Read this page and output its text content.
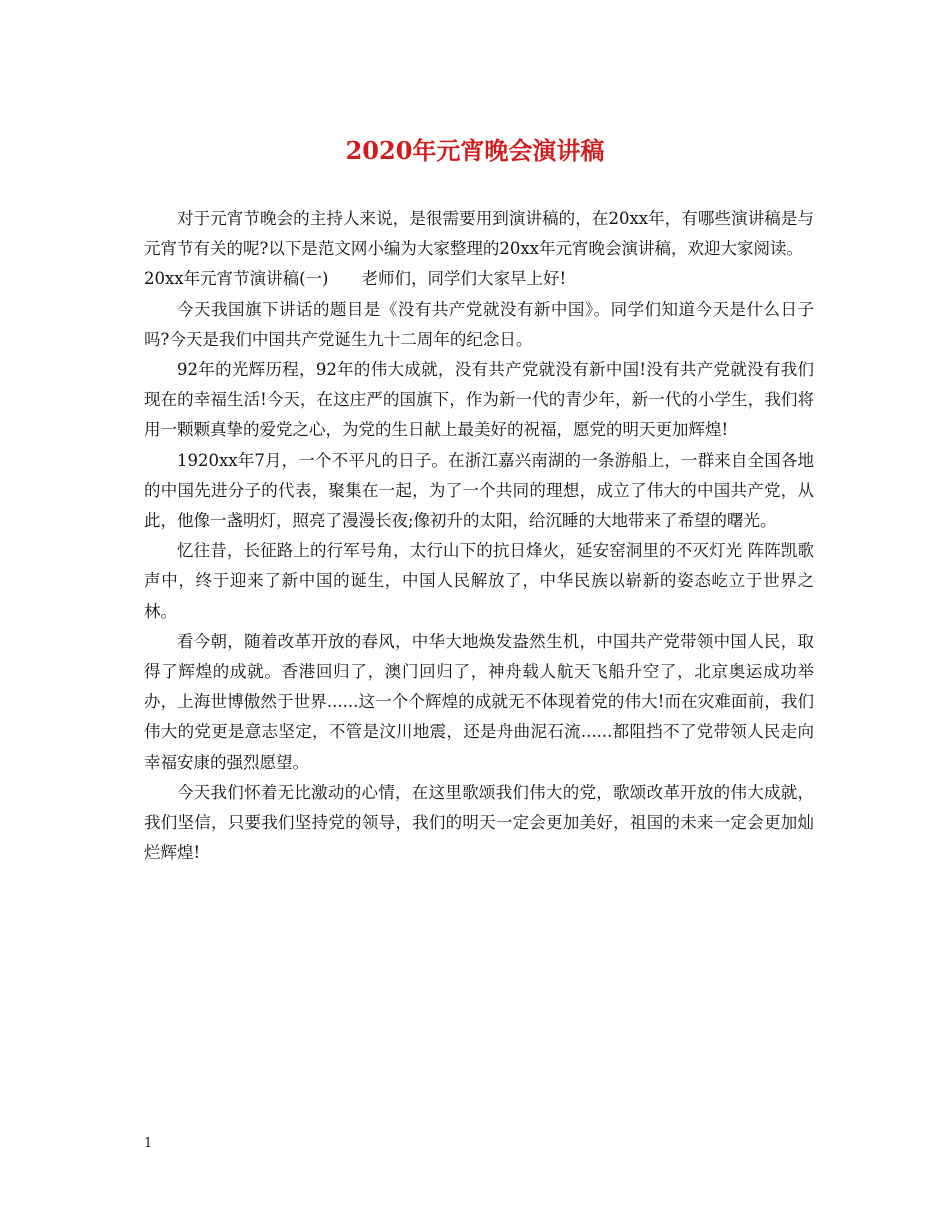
2020年元宵晚会演讲稿

对于元宵节晚会的主持人来说，是很需要用到演讲稿的，在20xx年，有哪些演讲稿是与元宵节有关的呢?以下是范文网小编为大家整理的20xx年元宵晚会演讲稿，欢迎大家阅读。

20xx年元宵节演讲稿(一)　　老师们，同学们大家早上好!

今天我国旗下讲话的题目是《没有共产党就没有新中国》。同学们知道今天是什么日子吗?今天是我们中国共产党诞生九十二周年的纪念日。

92年的光辉历程，92年的伟大成就，没有共产党就没有新中国!没有共产党就没有我们现在的幸福生活!今天，在这庄严的国旗下，作为新一代的青少年，新一代的小学生，我们将用一颗颗真挚的爱党之心，为党的生日献上最美好的祝福，愿党的明天更加辉煌!

1920xx年7月，一个不平凡的日子。在浙江嘉兴南湖的一条游船上，一群来自全国各地的中国先进分子的代表，聚集在一起，为了一个共同的理想，成立了伟大的中国共产党，从此，他像一盏明灯，照亮了漫漫长夜;像初升的太阳，给沉睡的大地带来了希望的曙光。

忆往昔，长征路上的行军号角，太行山下的抗日烽火，延安窑洞里的不灭灯光 阵阵凯歌声中，终于迎来了新中国的诞生，中国人民解放了，中华民族以崭新的姿态屹立于世界之林。

看今朝，随着改革开放的春风，中华大地焕发盎然生机，中国共产党带领中国人民，取得了辉煌的成就。香港回归了，澳门回归了，神舟载人航天飞船升空了，北京奥运成功举办，上海世博傲然于世界......这一个个辉煌的成就无不体现着党的伟大!而在灾难面前，我们伟大的党更是意志坚定，不管是汶川地震，还是舟曲泥石流......都阻挡不了党带领人民走向幸福安康的强烈愿望。

今天我们怀着无比激动的心情，在这里歌颂我们伟大的党，歌颂改革开放的伟大成就，我们坚信，只要我们坚持党的领导，我们的明天一定会更加美好，祖国的未来一定会更加灿烂辉煌!

1
